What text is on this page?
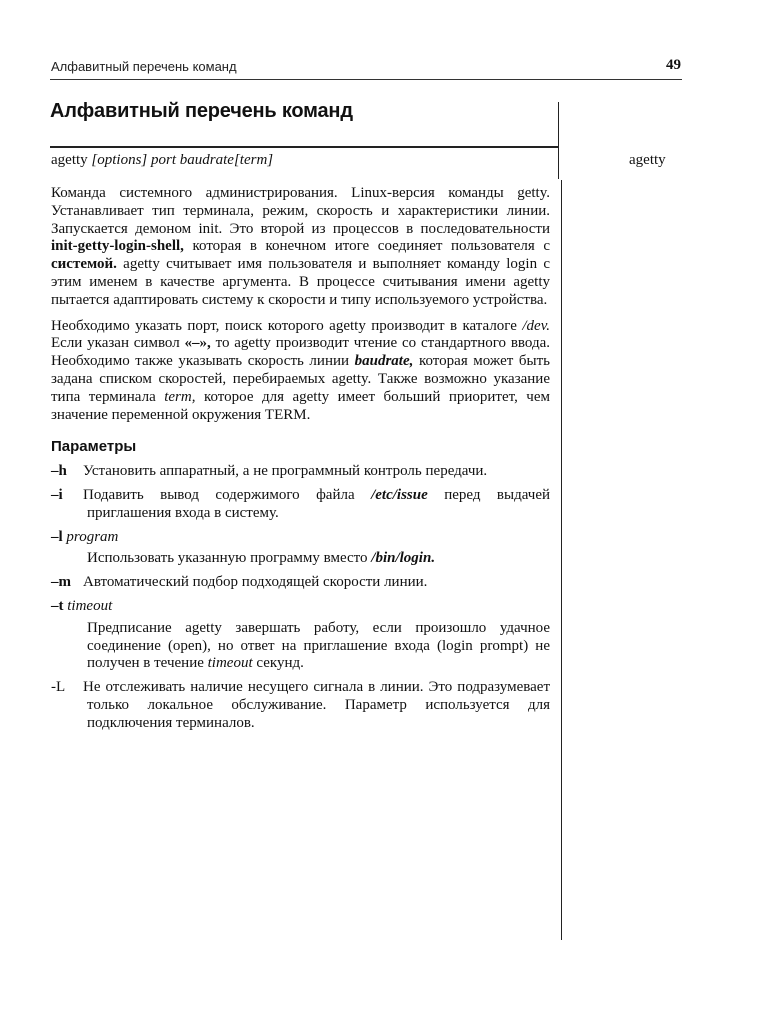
Алфавитный перечень команд	49
Алфавитный перечень команд
agetty [options] port baudrate[term]	agetty

Команда системного администрирования. Linux-версия команды getty. Устанавливает тип терминала, режим, скорость и характеристики линии. Запускается демоном init. Это второй из процессов в последовательности init-getty-login-shell, которая в конечном итоге соединяет пользователя с системой. agetty считывает имя пользователя и выполняет команду login с этим именем в качестве аргумента. В процессе считывания имени agetty пытается адаптировать систему к скорости и типу используемого устройства.

Необходимо указать порт, поиск которого agetty производит в каталоге /dev. Если указан символ «–», то agetty производит чтение со стандартного ввода. Необходимо также указывать скорость линии baudrate, которая может быть задана списком скоростей, перебираемых agetty. Также возможно указание типа терминала term, которое для agetty имеет больший приоритет, чем значение переменной окружения TERM.

Параметры
–h Установить аппаратный, а не программный контроль передачи.
–i Подавить вывод содержимого файла /etc/issue перед выдачей приглашения входа в систему.
–l program
Использовать указанную программу вместо /bin/login.
–m Автоматический подбор подходящей скорости линии.
–t timeout
Предписание agetty завершать работу, если произошло удачное соединение (open), но ответ на приглашение входа (login prompt) не получен в течение timeout секунд.
-L Не отслеживать наличие несущего сигнала в линии. Это подразумевает только локальное обслуживание. Параметр используется для подключения терминалов.
